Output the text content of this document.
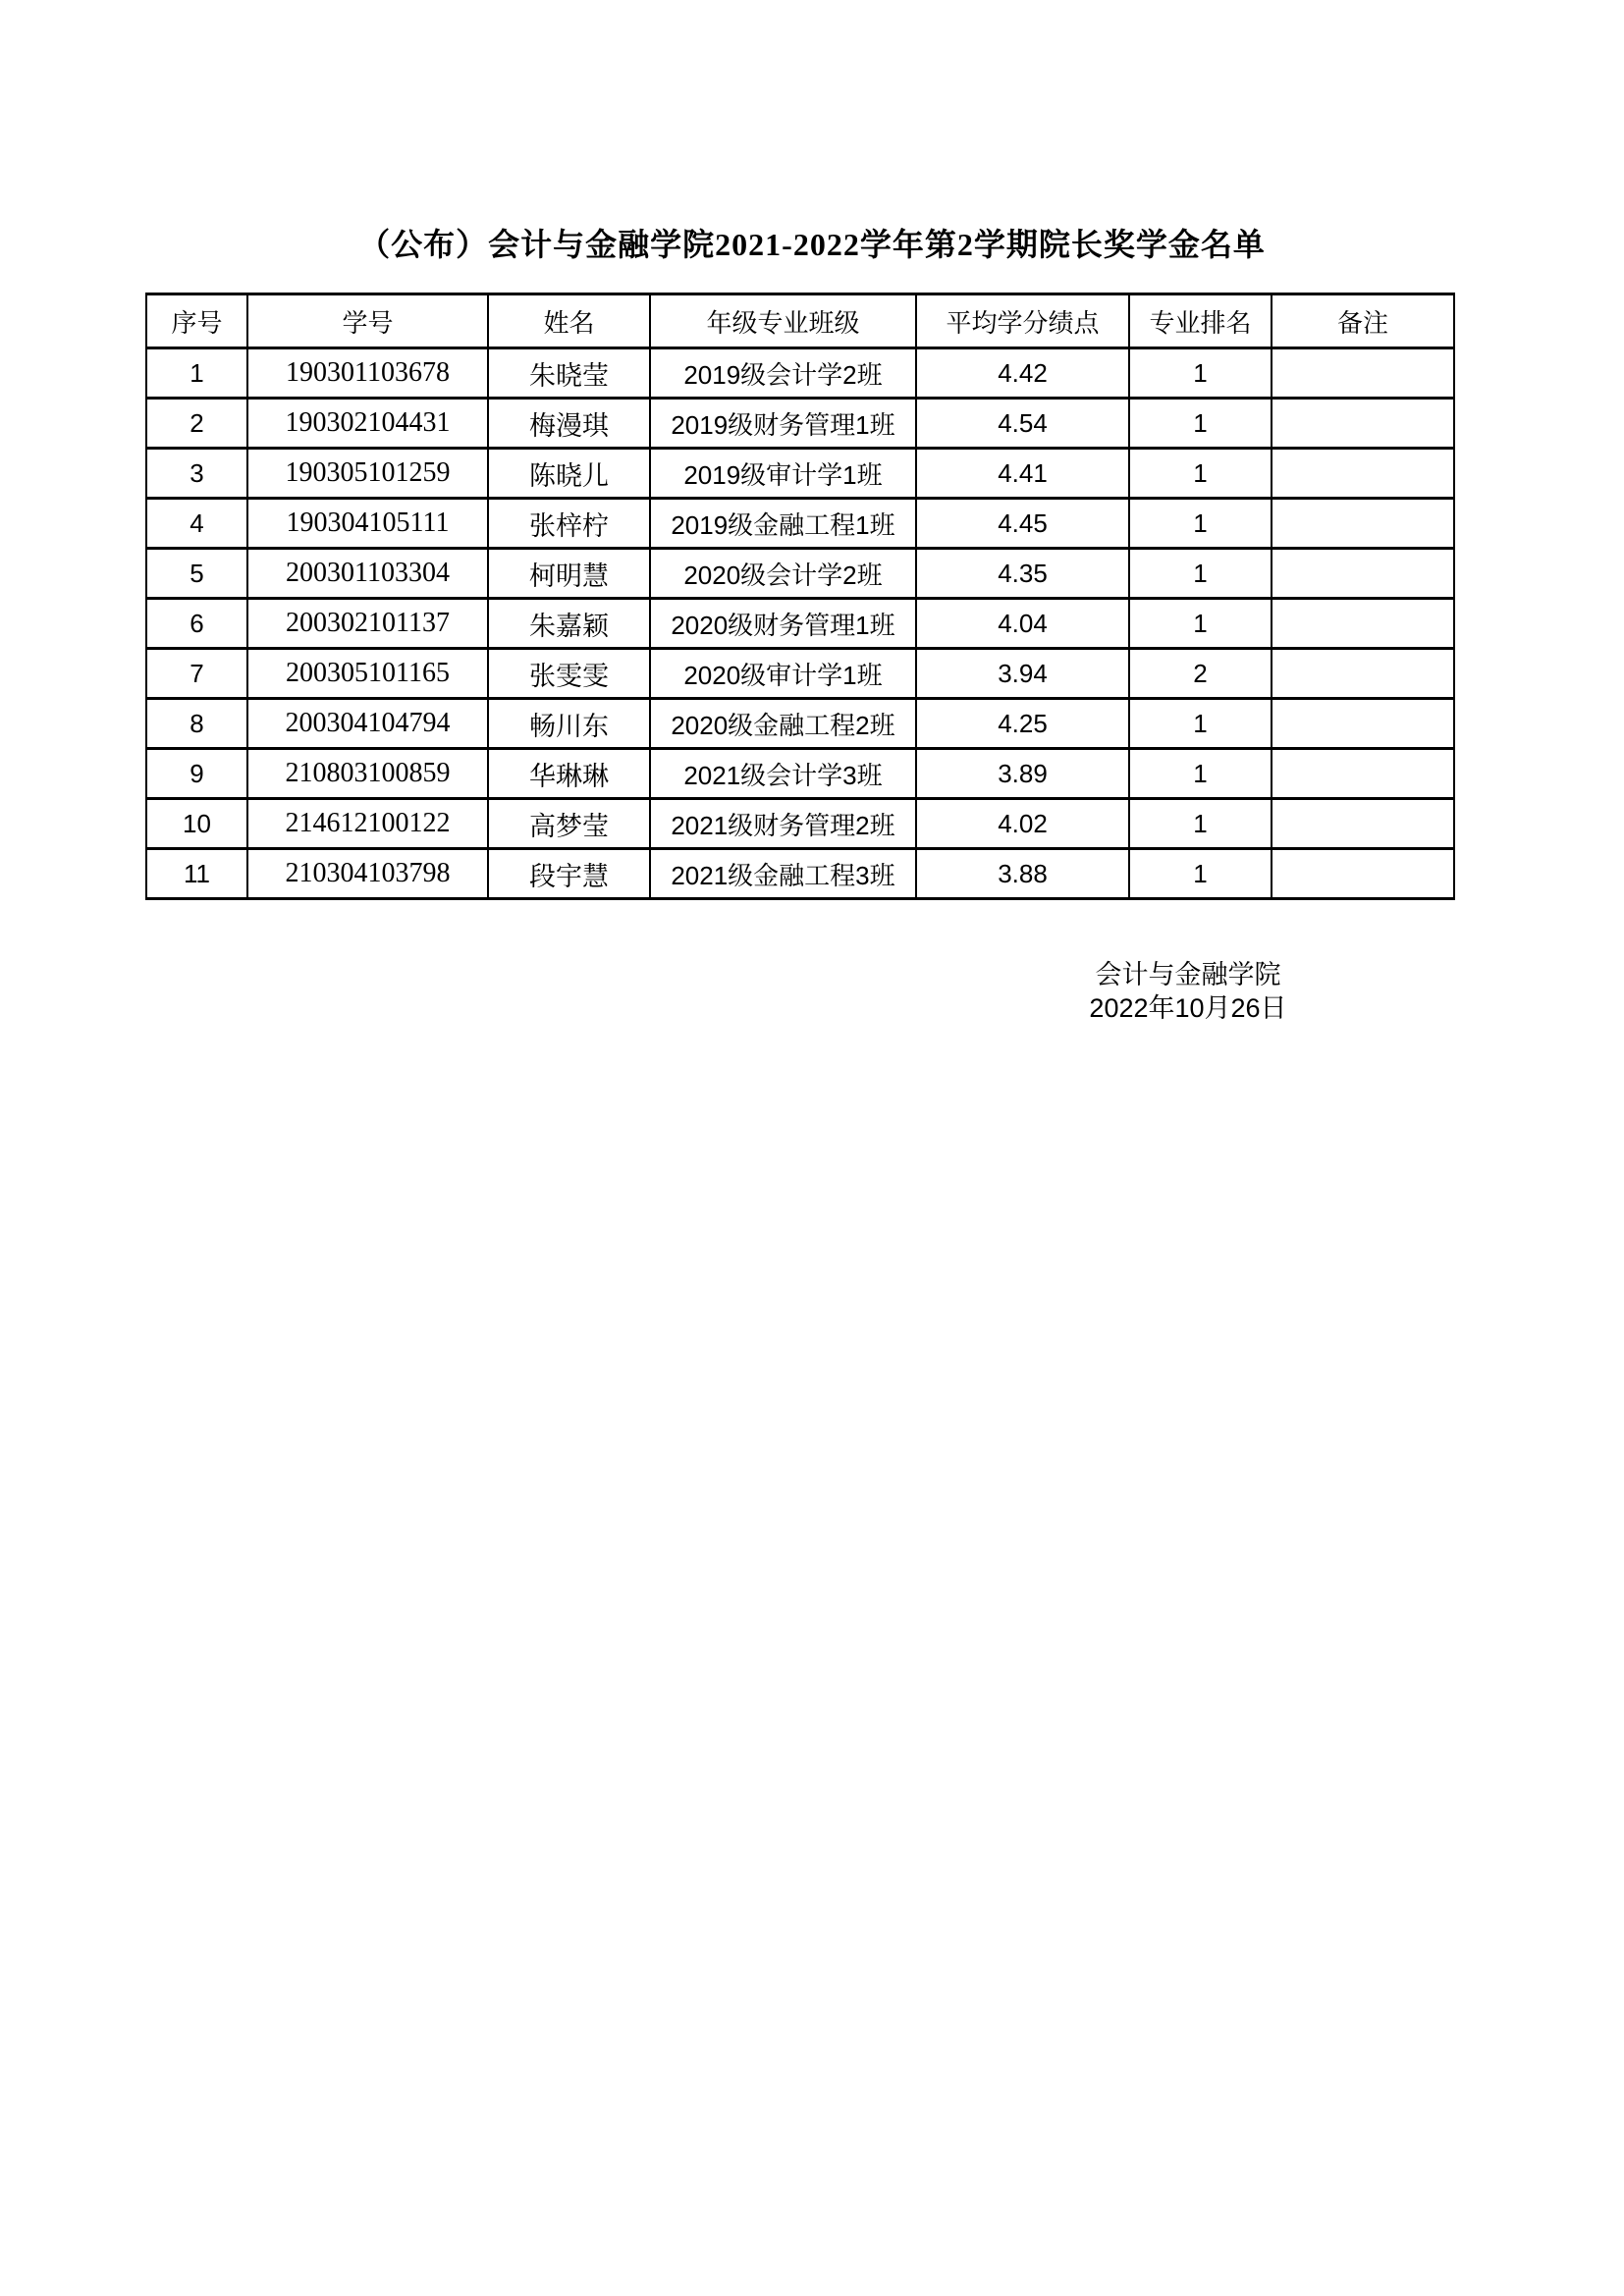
（公布）会计与金融学院2021-2022学年第2学期院长奖学金名单
序号	学号	姓名	年级专业班级	平均学分绩点	专业排名	备注
1	190301103678	朱晓莹	2019级会计学2班	4.42	1	
2	190302104431	梅漫琪	2019级财务管理1班	4.54	1	
3	190305101259	陈晓儿	2019级审计学1班	4.41	1	
4	190304105111	张梓柠	2019级金融工程1班	4.45	1	
5	200301103304	柯明慧	2020级会计学2班	4.35	1	
6	200302101137	朱嘉颖	2020级财务管理1班	4.04	1	
7	200305101165	张雯雯	2020级审计学1班	3.94	2	
8	200304104794	畅川东	2020级金融工程2班	4.25	1	
9	210803100859	华琳琳	2021级会计学3班	3.89	1	
10	214612100122	高梦莹	2021级财务管理2班	4.02	1	
11	210304103798	段宇慧	2021级金融工程3班	3.88	1	
会计与金融学院
2022年10月26日
